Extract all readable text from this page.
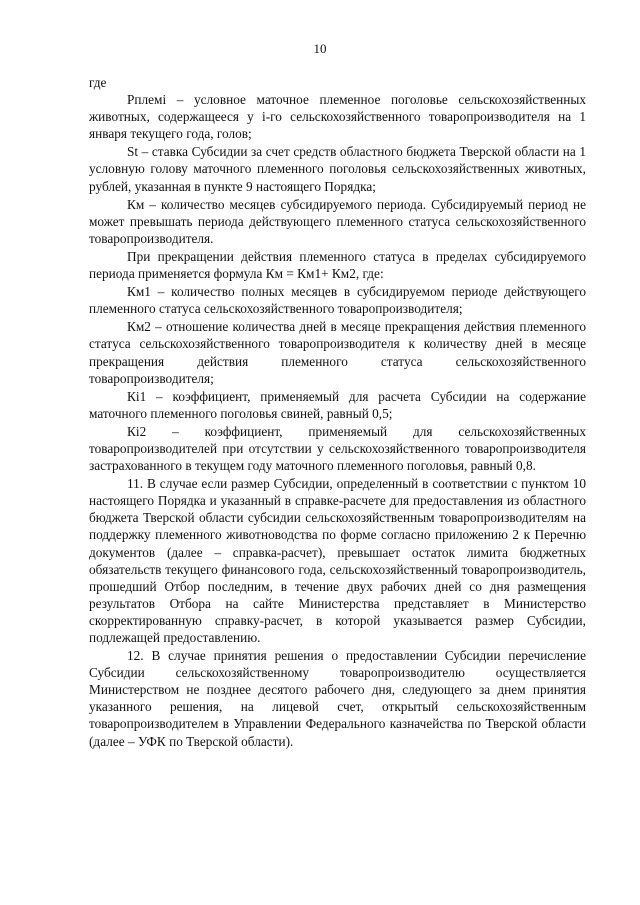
10

где

Pплемi – условное маточное племенное поголовье сельскохозяйственных животных, содержащееся у i-го сельскохозяйственного товаропроизводителя на 1 января текущего года, голов;

St – ставка Субсидии за счет средств областного бюджета Тверской области на 1 условную голову маточного племенного поголовья сельскохозяйственных животных, рублей, указанная в пункте 9 настоящего Порядка;

Км – количество месяцев субсидируемого периода. Субсидируемый период не может превышать периода действующего племенного статуса сельскохозяйственного товаропроизводителя.

При прекращении действия племенного статуса в пределах субсидируемого периода применяется формула Км = Км1+ Км2, где:

Км1 – количество полных месяцев в субсидируемом периоде действующего племенного статуса сельскохозяйственного товаропроизводителя;

Км2 – отношение количества дней в месяце прекращения действия племенного статуса сельскохозяйственного товаропроизводителя к количеству дней в месяце прекращения действия племенного статуса сельскохозяйственного товаропроизводителя;

Кi1 – коэффициент, применяемый для расчета Субсидии на содержание маточного племенного поголовья свиней, равный 0,5;

Кi2 – коэффициент, применяемый для сельскохозяйственных товаропроизводителей при отсутствии у сельскохозяйственного товаропроизводителя застрахованного в текущем году маточного племенного поголовья, равный 0,8.

11. В случае если размер Субсидии, определенный в соответствии с пунктом 10 настоящего Порядка и указанный в справке-расчете для предоставления из областного бюджета Тверской области субсидии сельскохозяйственным товаропроизводителям на поддержку племенного животноводства по форме согласно приложению 2 к Перечню документов (далее – справка-расчет), превышает остаток лимита бюджетных обязательств текущего финансового года, сельскохозяйственный товаропроизводитель, прошедший Отбор последним, в течение двух рабочих дней со дня размещения результатов Отбора на сайте Министерства представляет в Министерство скорректированную справку-расчет, в которой указывается размер Субсидии, подлежащей предоставлению.

12. В случае принятия решения о предоставлении Субсидии перечисление Субсидии сельскохозяйственному товаропроизводителю осуществляется Министерством не позднее десятого рабочего дня, следующего за днем принятия указанного решения, на лицевой счет, открытый сельскохозяйственным товаропроизводителем в Управлении Федерального казначейства по Тверской области (далее – УФК по Тверской области).
